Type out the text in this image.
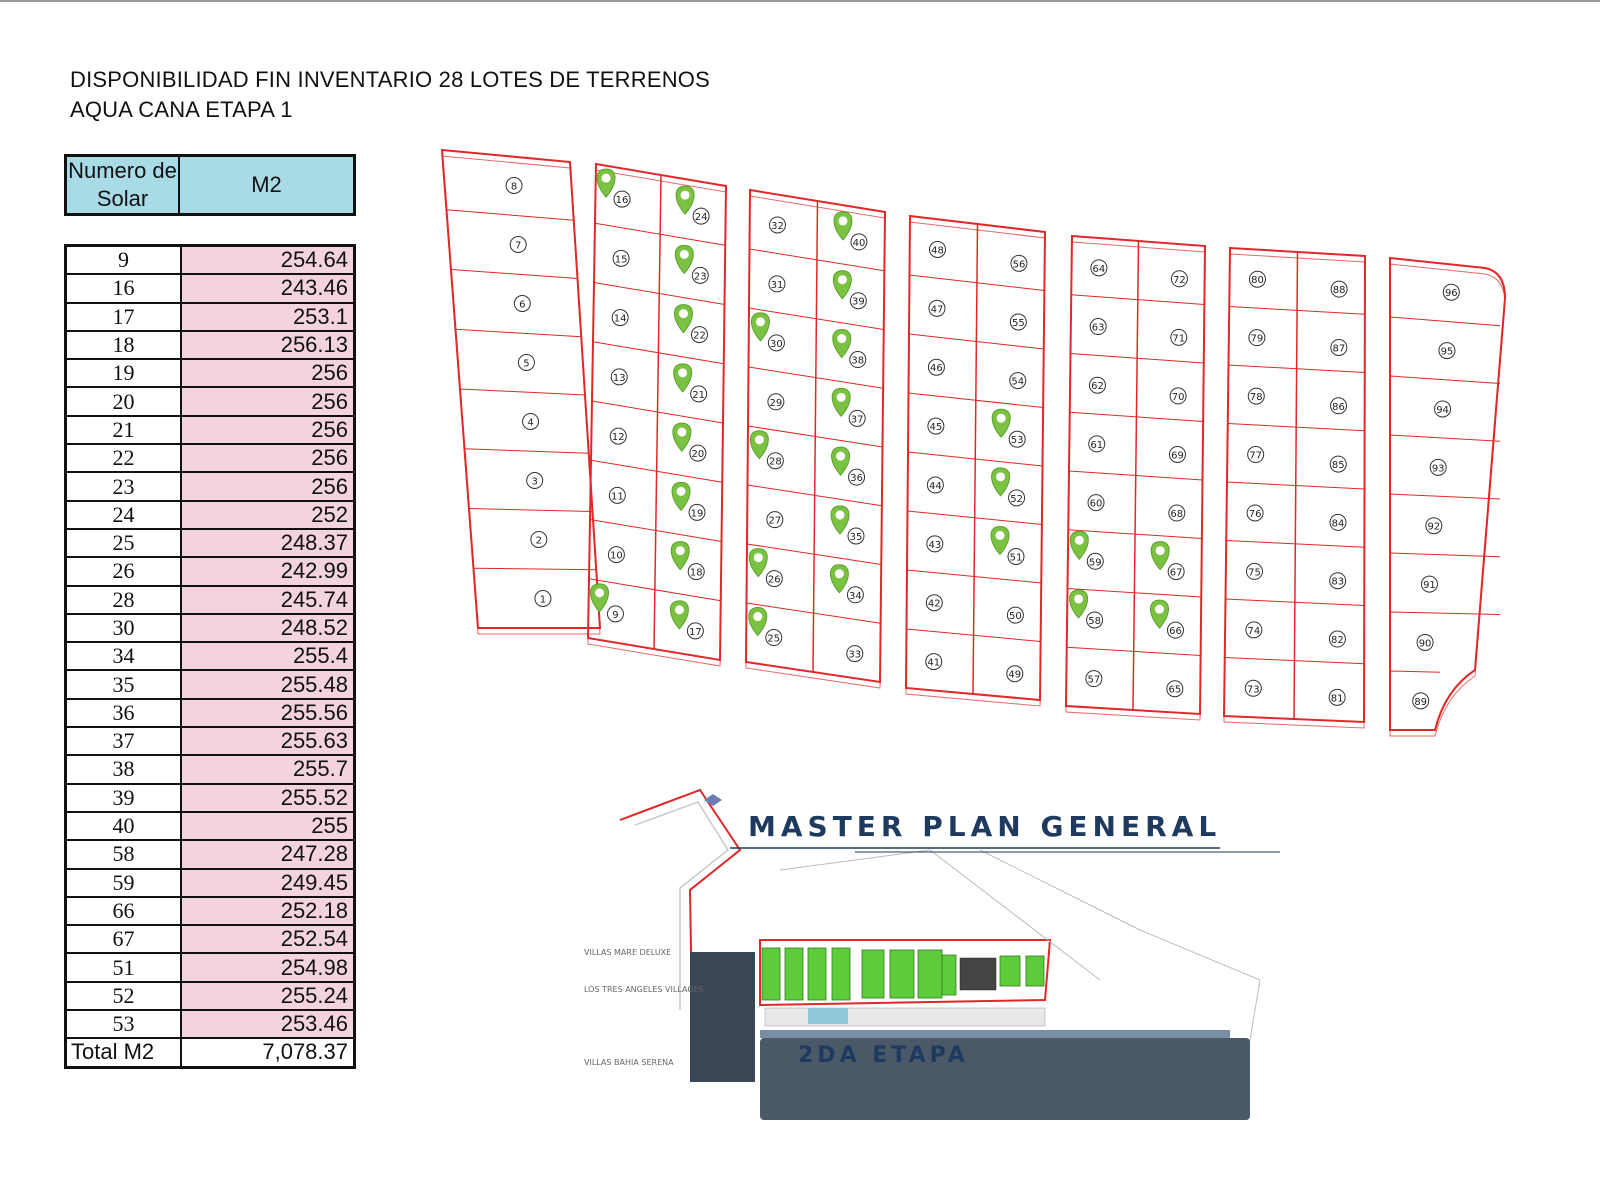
DISPONIBILIDAD FIN INVENTARIO 28 LOTES DE TERRENOS
AQUA CANA ETAPA 1
Numero de Solar
M2
9	254.64
16	243.46
17	253.1
18	256.13
19	256
20	256
21	256
22	256
23	256
24	252
25	248.37
26	242.99
28	245.74
30	248.52
34	255.4
35	255.48
36	255.56
37	255.63
38	255.7
39	255.52
40	255
58	247.28
59	249.45
66	252.18
67	252.54
51	254.98
52	255.24
53	253.46
Total M2	7,078.37
8
7
6
5
4
3
2
1
16
15
14
13
12
11
10
9
24
23
22
21
20
19
18
17
32
31
30
29
28
27
26
25
40
39
38
37
36
35
34
33
48
47
46
45
44
43
42
41
56
55
54
53
52
51
50
49
64
63
62
61
60
59
58
57
72
71
70
69
68
67
66
65
80
79
78
77
76
75
74
73
88
87
86
85
84
83
82
81
96
95
94
93
92
91
90
89
MASTER PLAN GENERAL
2DA ETAPA
VILLAS MARE DELUXE
LOS TRES ANGELES VILLAGES
VILLAS BAHIA SERENA
